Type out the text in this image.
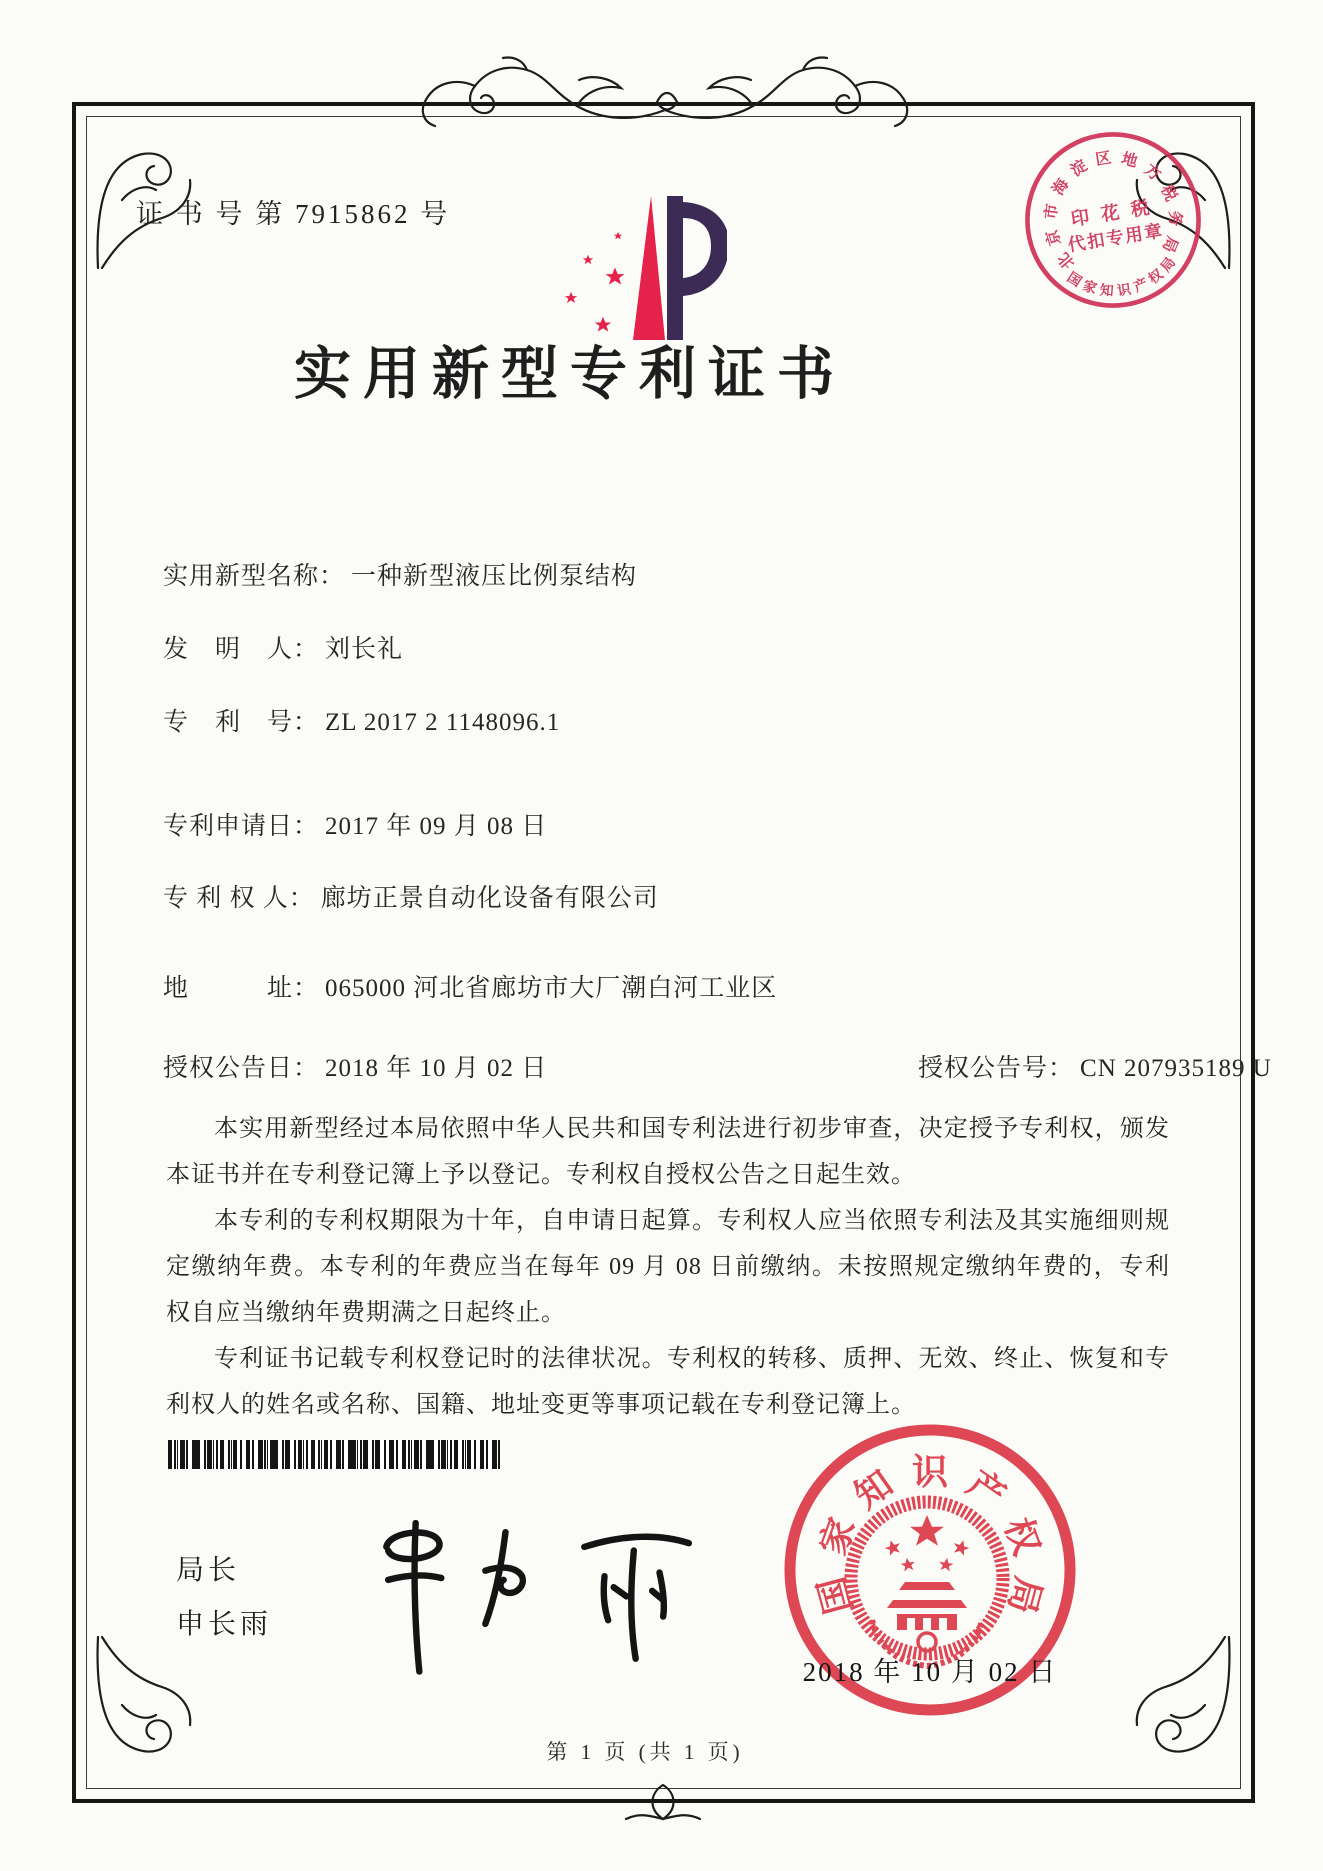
证 书 号 第 7915862 号
北
京
市
海
淀 区 地
方
税
务
局
印 花 税
代扣专用章
国
家 知 识 产
权
局
实用新型专利证书
实用新型名称： 一种新型液压比例泵结构
发　明　人： 刘长礼
专　利　号： ZL 2017 2 1148096.1
专利申请日： 2017 年 09 月 08 日
专 利 权 人： 廊坊正景自动化设备有限公司
地　　　址： 065000 河北省廊坊市大厂潮白河工业区
授权公告日： 2018 年 10 月 02 日	授权公告号： CN 207935189 U

本实用新型经过本局依照中华人民共和国专利法进行初步审查，决定授予专利权，颁发本证书并在专利登记簿上予以登记。专利权自授权公告之日起生效。

本专利的专利权期限为十年，自申请日起算。专利权人应当依照专利法及其实施细则规定缴纳年费。本专利的年费应当在每年 09 月 08 日前缴纳。未按照规定缴纳年费的，专利权自应当缴纳年费期满之日起终止。

专利证书记载专利权登记时的法律状况。专利权的转移、质押、无效、终止、恢复和专利权人的姓名或名称、国籍、地址变更等事项记载在专利登记簿上。

局长
申长雨
国
家
知 识 产
权
局
2018 年 10 月 02 日
第 1 页 (共 1 页)
